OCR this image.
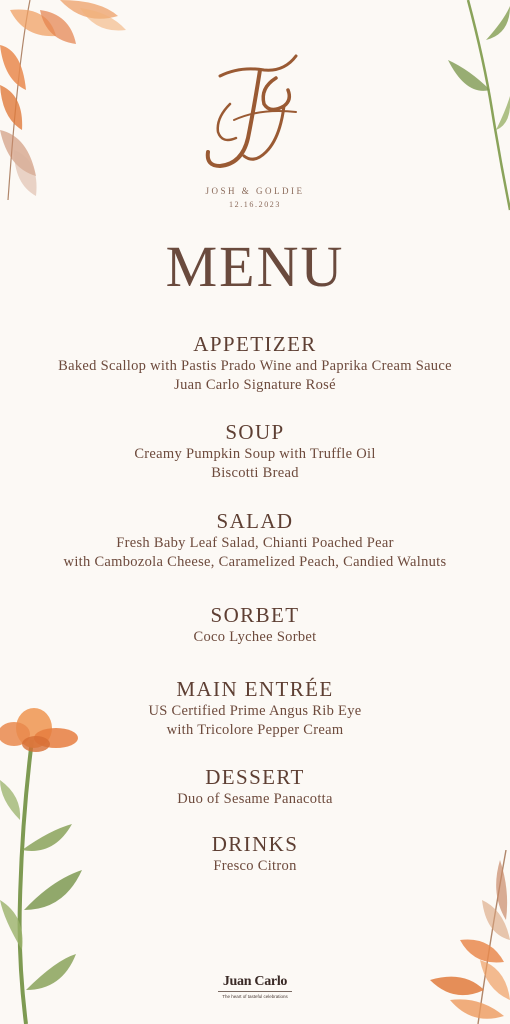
JOSH & GOLDIE
12.16.2023
MENU
APPETIZER
Baked Scallop with Pastis Prado Wine and Paprika Cream Sauce
Juan Carlo Signature Rosé
SOUP
Creamy Pumpkin Soup with Truffle Oil
Biscotti Bread
SALAD
Fresh Baby Leaf Salad, Chianti Poached Pear
with Cambozola Cheese, Caramelized Peach, Candied Walnuts
SORBET
Coco Lychee Sorbet
MAIN ENTRÉE
US Certified Prime Angus Rib Eye
with Tricolore Pepper Cream
DESSERT
Duo of Sesame Panacotta
DRINKS
Fresco Citron
Juan Carlo
The heart of tasteful celebrations
